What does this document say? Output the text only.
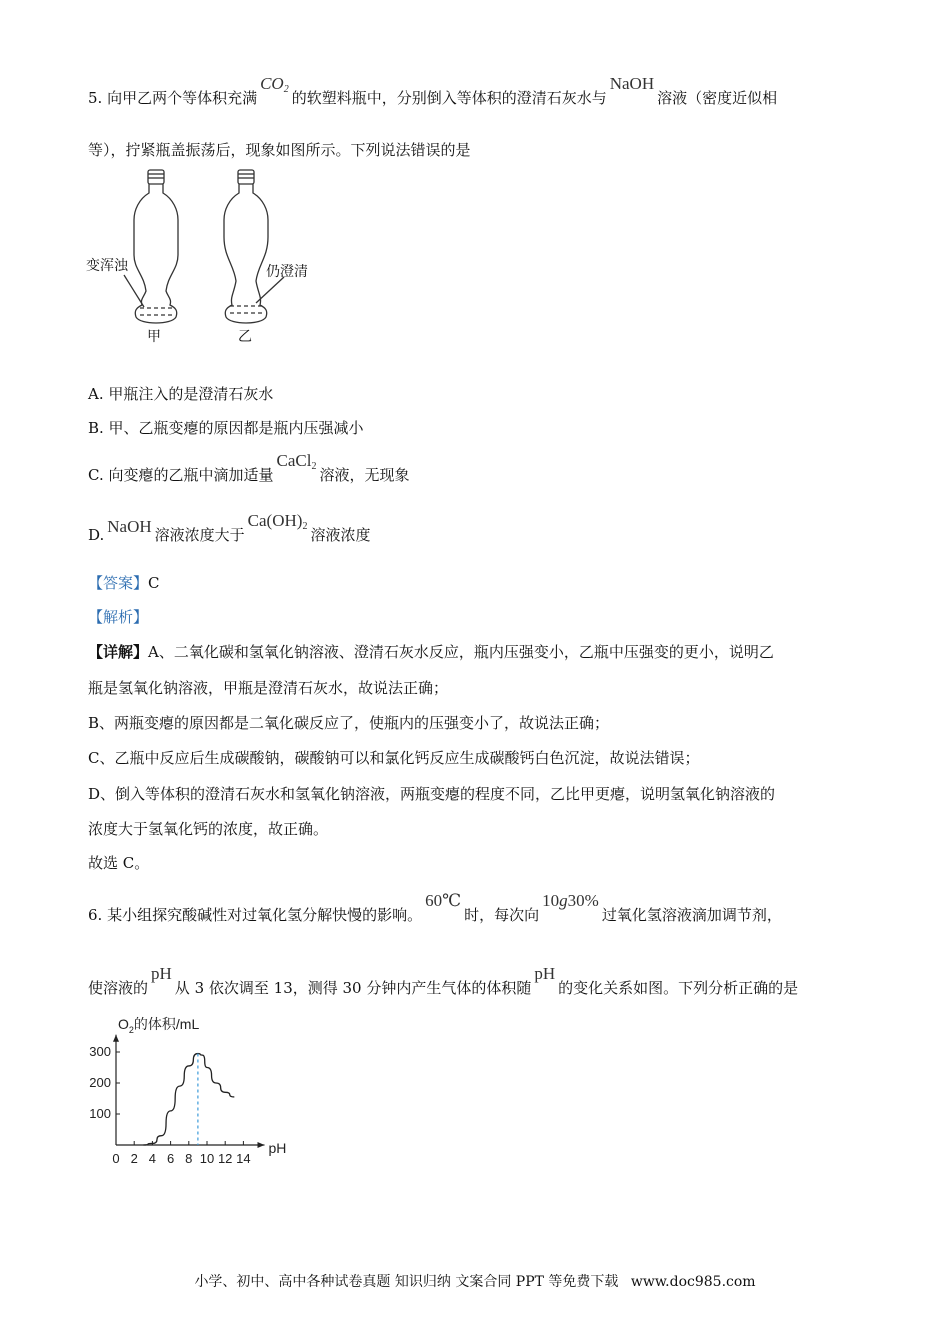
5. 向甲乙两个等体积充满$CO_2$ 的软塑料瓶中，分别倒入等体积的澄清石灰水与NaOH溶液（密度近似相
等），拧紧瓶盖振荡后，现象如图所示。下列说法错误的是
变浑浊	仍澄清
甲	乙
A. 甲瓶注入的是澄清石灰水
B. 甲、乙瓶变瘪的原因都是瓶内压强减小
C. 向变瘪的乙瓶中滴加适量CaCl$_2$ 溶液，无现象
D. NaOH 溶液浓度大于$Ca(OH)_2$ 溶液浓度
【答案】C
【解析】
【详解】A、二氧化碳和氢氧化钠溶液、澄清石灰水反应，瓶内压强变小，乙瓶中压强变的更小，说明乙
瓶是氢氧化钠溶液，甲瓶是澄清石灰水，故说法正确；
B、两瓶变瘪的原因都是二氧化碳反应了，使瓶内的压强变小了，故说法正确；
C、乙瓶中反应后生成碳酸钠，碳酸钠可以和氯化钙反应生成碳酸钙白色沉淀，故说法错误；
D、倒入等体积的澄清石灰水和氢氧化钠溶液，两瓶变瘪的程度不同，乙比甲更瘪，说明氢氧化钠溶液的
浓度大于氢氧化钙的浓度，故正确。
故选 C。
6. 某小组探究酸碱性对过氧化氢分解快慢的影响。60℃时，每次向10g30%过氧化氢溶液滴加调节剂，
使溶液的pH从 3 依次调至 13，测得 30 分钟内产生气体的体积随pH的变化关系如图。下列分析正确的是
0 2 4 6 8 10 12 14
100
200
300
$O_2$的体积/mL
pH
小学、初中、高中各种试卷真题 知识归纳 文案合同 PPT 等免费下载 www.doc985.com
